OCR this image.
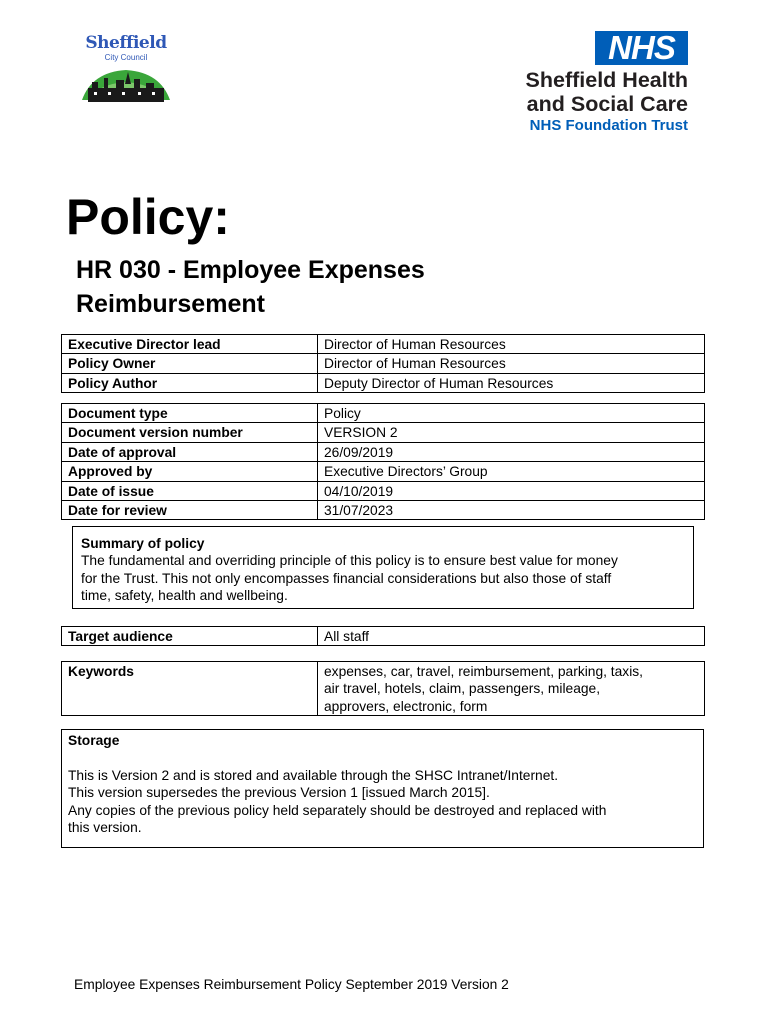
Sheffield
City Council	NHS
Sheffield Health
and Social Care
NHS Foundation Trust
Policy:
HR 030 - Employee Expenses
Reimbursement
Executive Director lead	Director of Human Resources
Policy Owner	Director of Human Resources
Policy Author	Deputy Director of Human Resources
Document type	Policy
Document version number	VERSION 2
Date of approval	26/09/2019
Approved by	Executive Directors’ Group
Date of issue	04/10/2019
Date for review	31/07/2023
Summary of policy
The fundamental and overriding principle of this policy is to ensure best value for money
for the Trust. This not only encompasses financial considerations but also those of staff
time, safety, health and wellbeing.
Target audience	All staff
Keywords	expenses, car, travel, reimbursement, parking, taxis,
air travel, hotels, claim, passengers, mileage,
approvers, electronic, form
Storage
This is Version 2 and is stored and available through the SHSC Intranet/Internet.
This version supersedes the previous Version 1 [issued March 2015].
Any copies of the previous policy held separately should be destroyed and replaced with
this version.
Employee Expenses Reimbursement Policy September 2019 Version 2
